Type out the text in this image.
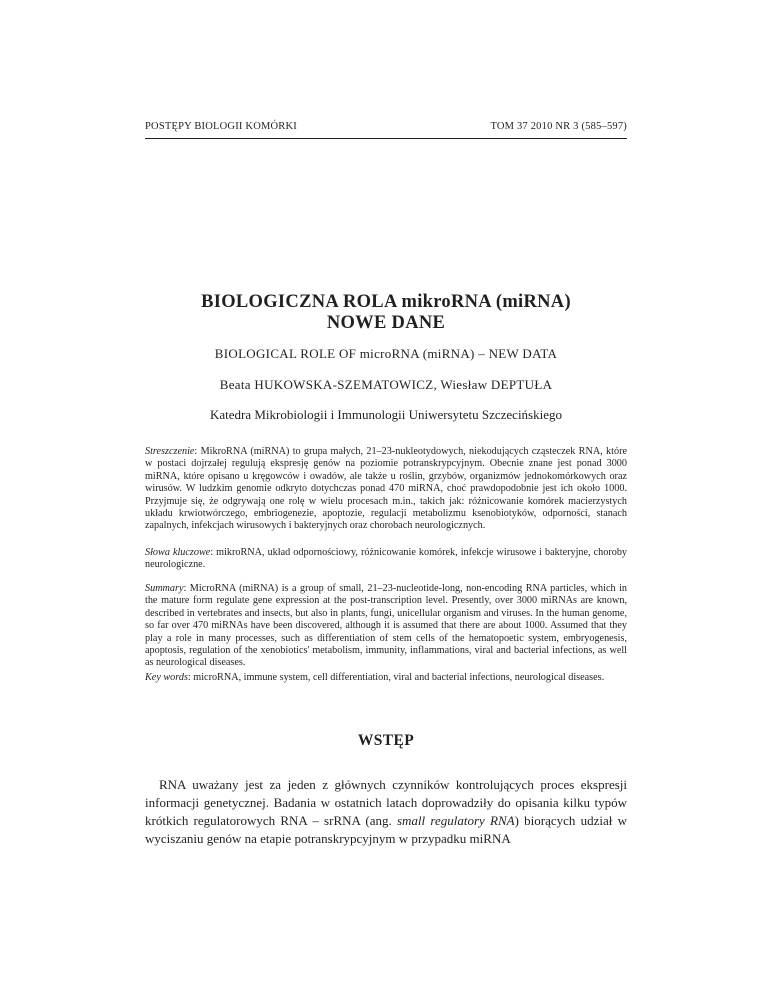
POSTĘPY BIOLOGII KOMÓRKI	TOM 37 2010 NR 3 (585–597)
BIOLOGICZNA ROLA mikroRNA (miRNA)
NOWE DANE
BIOLOGICAL ROLE OF microRNA (miRNA) – NEW DATA
Beata HUKOWSKA-SZEMATOWICZ, Wiesław DEPTUŁA
Katedra Mikrobiologii i Immunologii Uniwersytetu Szczecińskiego
Streszczenie: MikroRNA (miRNA) to grupa małych, 21–23-nukleotydowych, niekodujących cząsteczek RNA, które w postaci dojrzałej regulują ekspresję genów na poziomie potranskrypcyjnym. Obecnie znane jest ponad 3000 miRNA, które opisano u kręgowców i owadów, ale także u roślin, grzybów, organizmów jednokomórkowych oraz wirusów. W ludzkim genomie odkryto dotychczas ponad 470 miRNA, choć prawdopodobnie jest ich około 1000. Przyjmuje się, że odgrywają one rolę w wielu procesach m.in., takich jak: różnicowanie komórek macierzystych układu krwiotwórczego, embriogenezie, apoptozie, regulacji metabolizmu ksenobiotyków, odporności, stanach zapalnych, infekcjach wirusowych i bakteryjnych oraz chorobach neurologicznych.
Słowa kluczowe: mikroRNA, układ odpornościowy, różnicowanie komórek, infekcje wirusowe i bakteryjne, choroby neurologiczne.
Summary: MicroRNA (miRNA) is a group of small, 21–23-nucleotide-long, non-encoding RNA particles, which in the mature form regulate gene expression at the post-transcription level. Presently, over 3000 miRNAs are known, described in vertebrates and insects, but also in plants, fungi, unicellular organism and viruses. In the human genome, so far over 470 miRNAs have been discovered, although it is assumed that there are about 1000. Assumed that they play a role in many processes, such as differentiation of stem cells of the hematopoetic system, embryogenesis, apoptosis, regulation of the xenobiotics' metabolism, immunity, inflammations, viral and bacterial infections, as well as neurological diseases.
Key words: microRNA, immune system, cell differentiation, viral and bacterial infections, neurological diseases.
WSTĘP
RNA uważany jest za jeden z głównych czynników kontrolujących proces ekspresji informacji genetycznej. Badania w ostatnich latach doprowadziły do opisania kilku typów krótkich regulatorowych RNA – srRNA (ang. small regulatory RNA) biorących udział w wyciszaniu genów na etapie potranskrypcyjnym w przypadku miRNA
